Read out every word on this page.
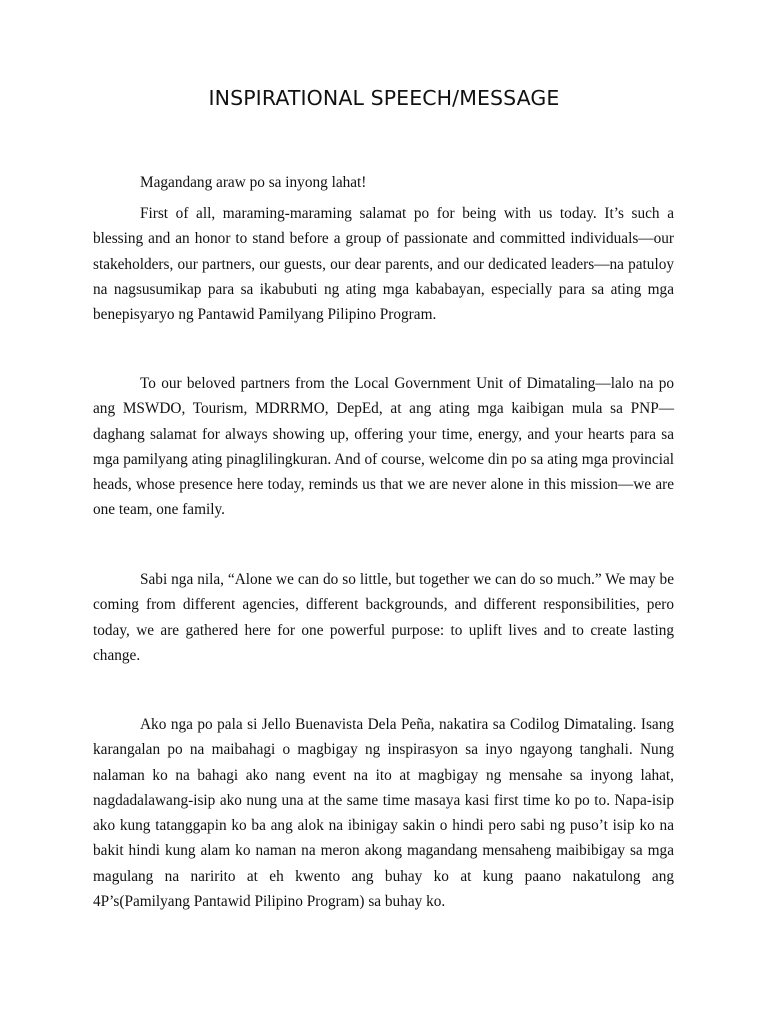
INSPIRATIONAL SPEECH/MESSAGE

Magandang araw po sa inyong lahat!

First of all, maraming-maraming salamat po for being with us today. It’s such a blessing and an honor to stand before a group of passionate and committed individuals—our stakeholders, our partners, our guests, our dear parents, and our dedicated leaders—na patuloy na nagsusumikap para sa ikabubuti ng ating mga kababayan, especially para sa ating mga benepisyaryo ng Pantawid Pamilyang Pilipino Program.

To our beloved partners from the Local Government Unit of Dimataling—lalo na po ang MSWDO, Tourism, MDRRMO, DepEd, at ang ating mga kaibigan mula sa PNP—daghang salamat for always showing up, offering your time, energy, and your hearts para sa mga pamilyang ating pinaglilingkuran. And of course, welcome din po sa ating mga provincial heads, whose presence here today, reminds us that we are never alone in this mission—we are one team, one family.

Sabi nga nila, “Alone we can do so little, but together we can do so much.” We may be coming from different agencies, different backgrounds, and different responsibilities, pero today, we are gathered here for one powerful purpose: to uplift lives and to create lasting change.

Ako nga po pala si Jello Buenavista Dela Peña, nakatira sa Codilog Dimataling. Isang karangalan po na maibahagi o magbigay ng inspirasyon sa inyo ngayong tanghali. Nung nalaman ko na bahagi ako nang event na ito at magbigay ng mensahe sa inyong lahat, nagdadalawang-isip ako nung una at the same time masaya kasi first time ko po to. Napa-isip ako kung tatanggapin ko ba ang alok na ibinigay sakin o hindi pero sabi ng puso’t isip ko na bakit hindi kung alam ko naman na meron akong magandang mensaheng maibibigay sa mga magulang na naririto at eh kwento ang buhay ko at kung paano nakatulong ang 4P’s(Pamilyang Pantawid Pilipino Program) sa buhay ko.
